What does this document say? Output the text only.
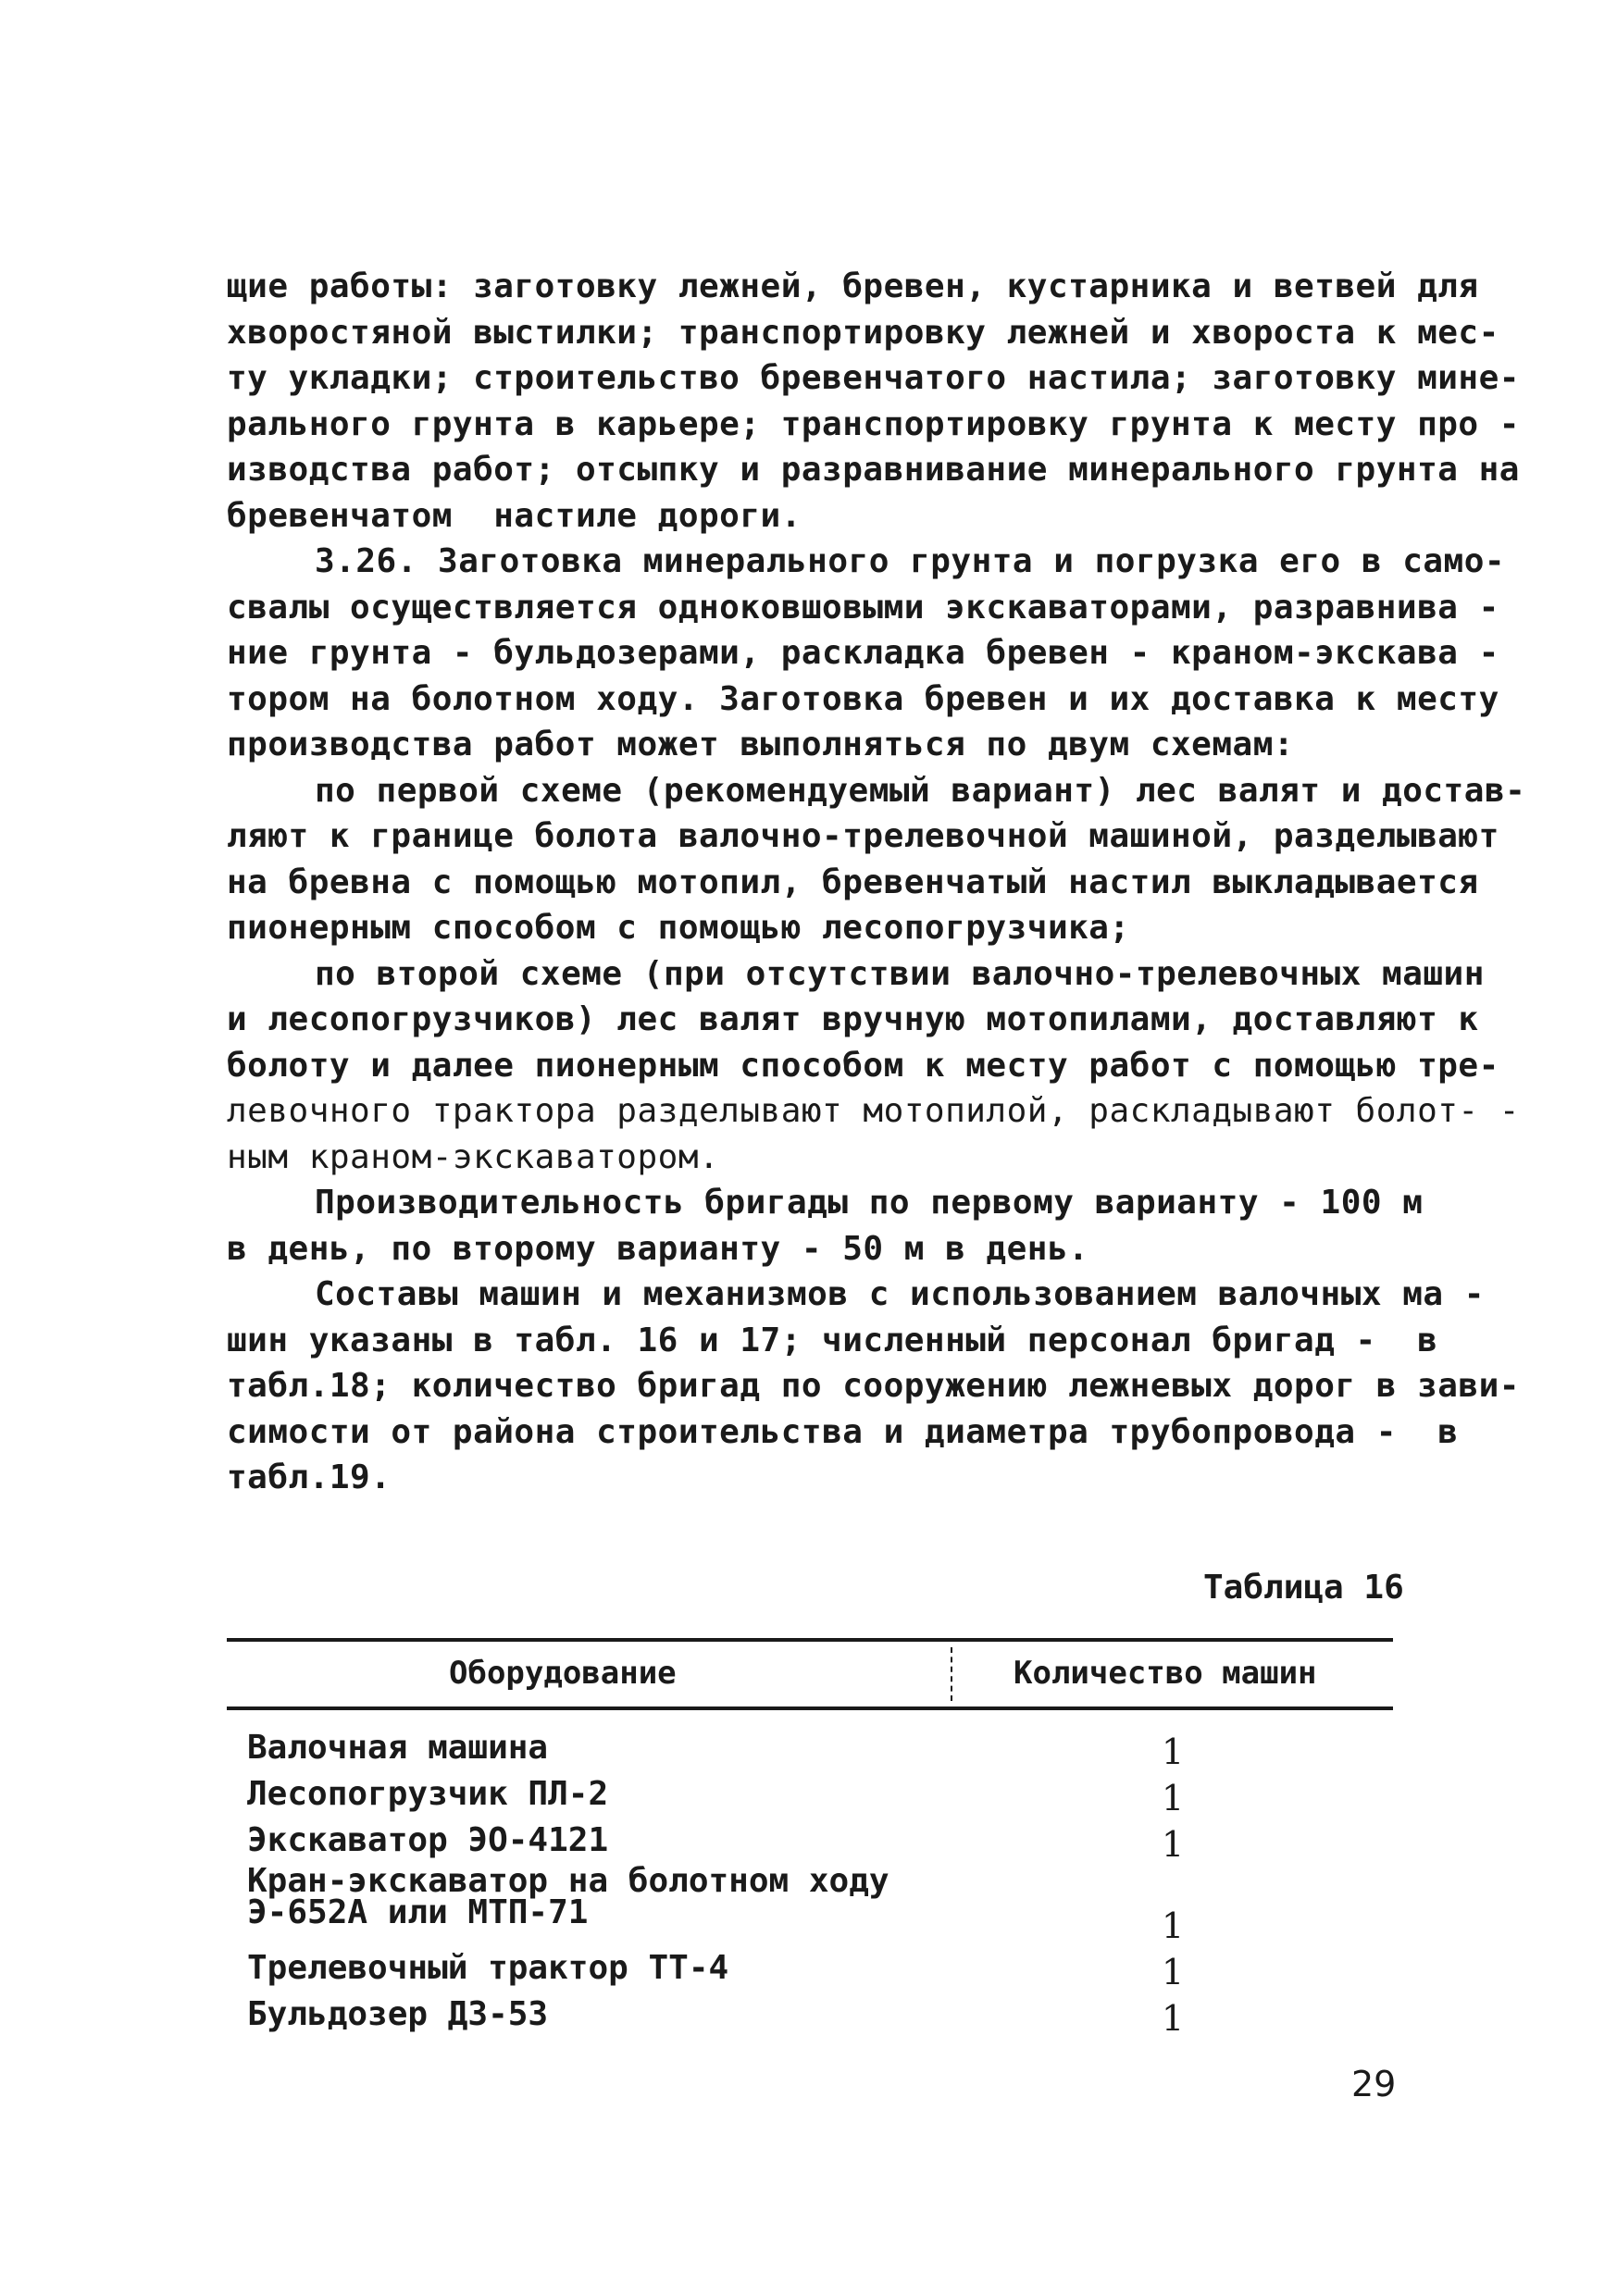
щие работы: заготовку лежней, бревен, кустарника и ветвей для
хворостяной выстилки; транспортировку лежней и хвороста к мес-
ту укладки; строительство бревенчатого настила; заготовку мине-
рального грунта в карьере; транспортировку грунта к месту про -
изводства работ; отсыпку и разравнивание минерального грунта на
бревенчатом  настиле дороги.
3.26. Заготовка минерального грунта и погрузка его в само-
свалы осуществляется одноковшовыми экскаваторами, разравнива -
ние грунта - бульдозерами, раскладка бревен - краном-экскава -
тором на болотном ходу. Заготовка бревен и их доставка к месту
производства работ может выполняться по двум схемам:
по первой схеме (рекомендуемый вариант) лес валят и достав-
ляют к границе болота валочно-трелевочной машиной, разделывают
на бревна с помощью мотопил, бревенчатый настил выкладывается
пионерным способом с помощью лесопогрузчика;
по второй схеме (при отсутствии валочно-трелевочных машин
и лесопогрузчиков) лес валят вручную мотопилами, доставляют к
болоту и далее пионерным способом к месту работ с помощью тре-
левочного трактора разделывают мотопилой, раскладывают болот- -
ным краном-экскаватором.
Производительность бригады по первому варианту - 100 м
в день, по второму варианту - 50 м в день.
Составы машин и механизмов с использованием валочных ма -
шин указаны в табл. 16 и 17; численный персонал бригад -  в
табл.18; количество бригад по сооружению лежневых дорог в зави-
симости от района строительства и диаметра трубопровода -  в
табл.19.
Таблица 16
Оборудование	Количество машин
Валочная машина	1
Лесопогрузчик ПЛ-2	1
Экскаватор ЭО-4121	1
Кран-экскаватор на болотном ходу
Э-652А или МТП-71	1
Трелевочный трактор ТТ-4	1
Бульдозер ДЗ-53	1
29
